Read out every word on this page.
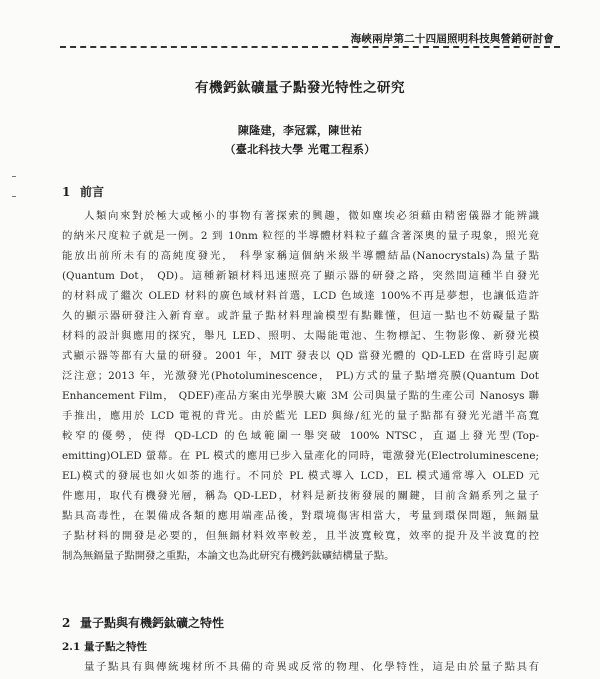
海峽兩岸第二十四屆照明科技與營銷研討會
有機鈣鈦礦量子點發光特性之研究
陳隆建，李冠霖，陳世祐
（臺北科技大學 光電工程系）
1 前言
人類向來對於極大或極小的事物有著探索的興趣，微如塵埃必須藉由精密儀器才能辨識
的納米尺度粒子就是一例。2 到 10nm 粒徑的半導體材料粒子蘊含著深奧的量子現象，照光竟
能放出前所未有的高純度發光， 科學家稱這個納米級半導體結晶(Nanocrystals)為量子點
(Quantum Dot， QD)。這種新穎材料迅速照亮了顯示器的研發之路，突然間這種半自發光
的材料成了繼次 OLED 材料的廣色域材料首選，LCD 色域達 100%不再是夢想，也讓低造許
久的顯示器研發注入新育章。或許量子點材料理論模型有點難懂，但這一點也不妨礙量子點
材料的設計與應用的探究，舉凡 LED、照明、太陽能電池、生物標記、生物影像、新發光模
式顯示器等都有大量的研發。2001 年，MIT 發表以 QD 當發光體的 QD-LED 在當時引起廣
泛注意；2013 年，光激發光(Photoluminescence， PL)方式的量子點增亮膜(Quantum Dot
Enhancement Film， QDEF)產品方案由光學膜大廠 3M 公司與量子點的生產公司 Nanosys 聯
手推出，應用於 LCD 電視的背光。由於藍光 LED 與綠/紅光的量子點都有發光光譜半高寬
較窄的優勢，使得 QD-LCD 的色域範圍一舉突破 100% NTSC，直逼上發光型(Top-
emitting)OLED 螢幕。在 PL 模式的應用已步入量產化的同時，電激發光(Electroluminescene;
EL)模式的發展也如火如荼的進行。不同於 PL 模式導入 LCD，EL 模式通常導入 OLED 元
件應用，取代有機發光層，稱為 QD-LED，材料是新技術發展的關鍵，目前含鎘系列之量子
點具高毒性，在製備成各類的應用端產品後，對環境傷害相當大，考量到環保問題，無鎘量
子點材料的開發是必要的，但無鎘材料效率較差，且半波寬較寬，效率的提升及半波寬的控
制為無鎘量子點開發之重點，本論文也為此研究有機鈣鈦礦結構量子點。
2 量子點與有機鈣鈦礦之特性
2.1 量子點之特性
量子點具有與傳統塊材所不具備的奇異或反常的物理、化學特性，這是由於量子點具有
